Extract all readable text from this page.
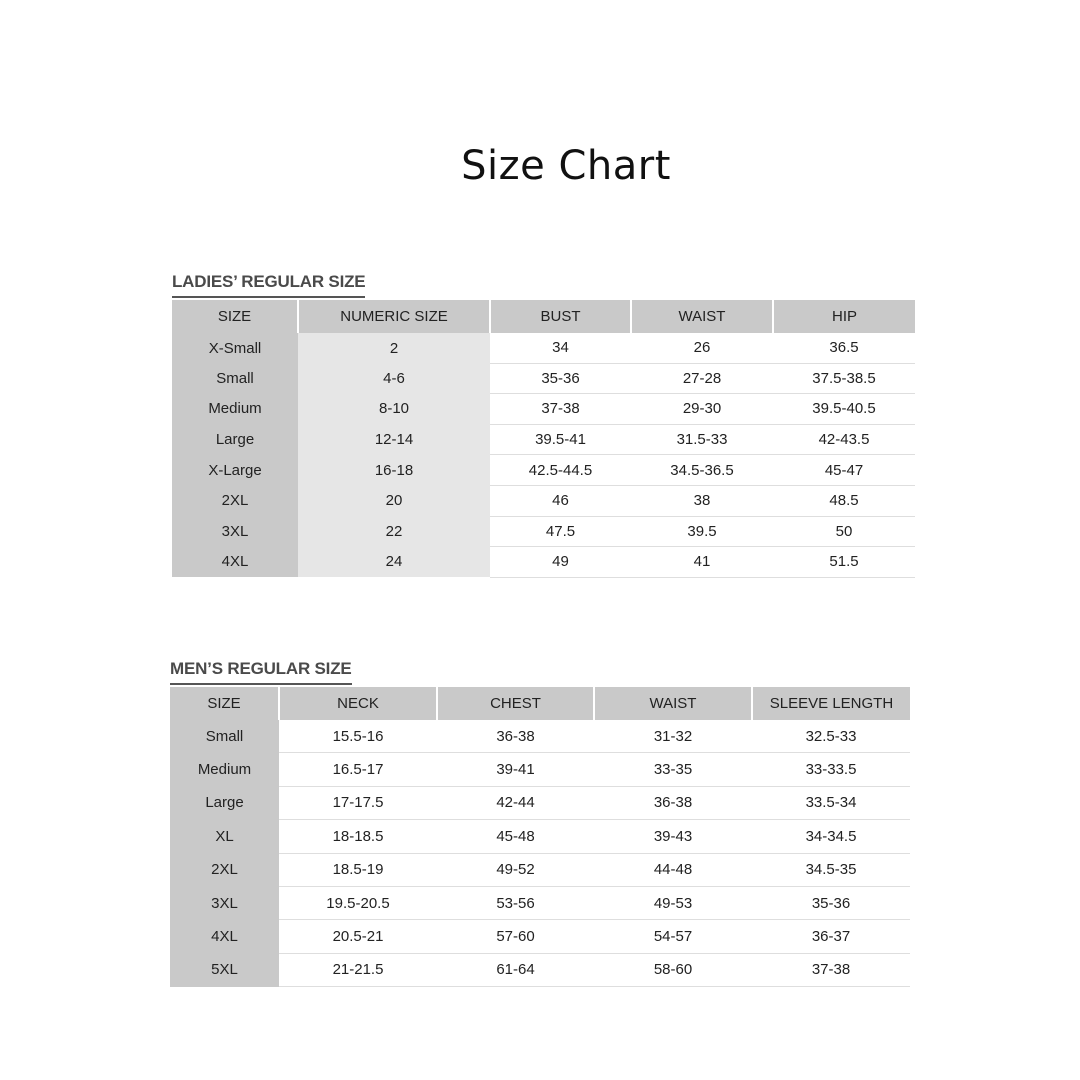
Size Chart
LADIES’ REGULAR SIZE
SIZE	NUMERIC SIZE	BUST	WAIST	HIP
X-Small	2	34	26	36.5
Small	4-6	35-36	27-28	37.5-38.5
Medium	8-10	37-38	29-30	39.5-40.5
Large	12-14	39.5-41	31.5-33	42-43.5
X-Large	16-18	42.5-44.5	34.5-36.5	45-47
2XL	20	46	38	48.5
3XL	22	47.5	39.5	50
4XL	24	49	41	51.5
MEN’S REGULAR SIZE
SIZE	NECK	CHEST	WAIST	SLEEVE LENGTH
Small	15.5-16	36-38	31-32	32.5-33
Medium	16.5-17	39-41	33-35	33-33.5
Large	17-17.5	42-44	36-38	33.5-34
XL	18-18.5	45-48	39-43	34-34.5
2XL	18.5-19	49-52	44-48	34.5-35
3XL	19.5-20.5	53-56	49-53	35-36
4XL	20.5-21	57-60	54-57	36-37
5XL	21-21.5	61-64	58-60	37-38
